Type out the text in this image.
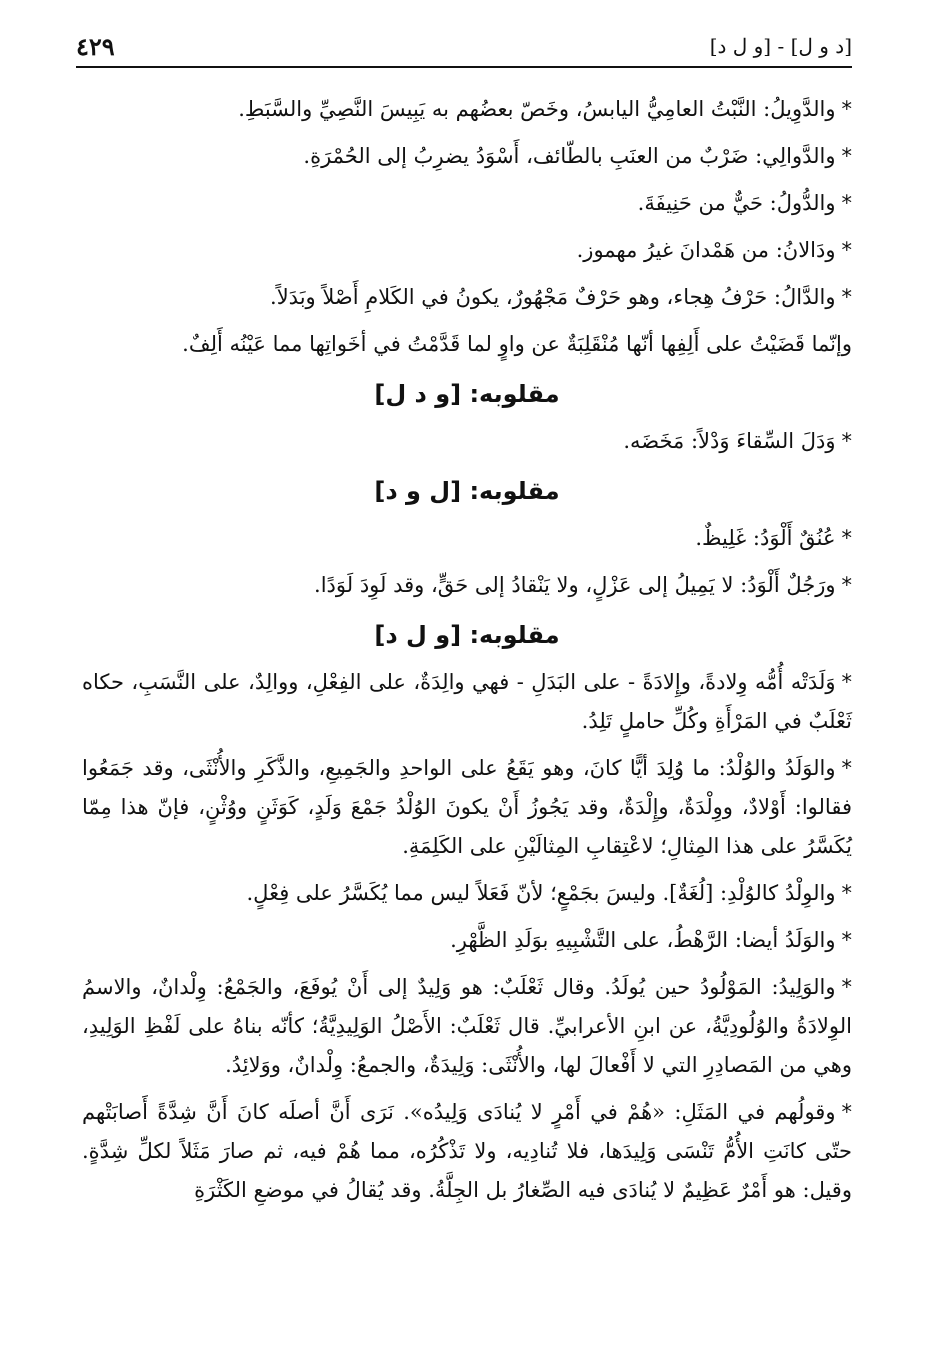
٤٢٩	[د و ل] - [و ل د]

*والدَّوِيلُ: النَّبْتُ العامِيُّ اليابسُ، وخَصّ بعضُهم به يَبِيسَ النَّصِيِّ والسَّبَطِ.

*والدَّوالِي: ضَرْبٌ من العنَبِ بالطّائف، أَسْوَدُ يضرِبُ إلى الحُمْرَةِ.

*والدُّولُ: حَيٌّ من حَنِيفَةَ.

*ودَالانُ: من هَمْدانَ غيرُ مهموز.

*والدَّالُ: حَرْفُ هِجاء، وهو حَرْفٌ مَجْهُورٌ، يكونُ في الكَلامِ أَصْلاً وبَدَلاً.

وإنّما قَضَيْتُ على أَلِفِها أنّها مُنْقَلِبَةٌ عن واوٍ لما قَدَّمْتُ في أخَواتِها مما عَيْنُه أَلِفٌ.

مقلوبه: [و د ل]

*وَدَلَ السِّقاءَ وَدْلاً: مَخَضَه.

مقلوبه: [ل و د]

*عُنُقٌ أَلْوَدُ: غَلِيظٌ.

*ورَجُلٌ أَلْوَدُ: لا يَمِيلُ إلى عَزْلٍ، ولا يَنْقادُ إلى حَقٍّ، وقد لَوِدَ لَوَدًا.

مقلوبه: [و ل د]

*وَلَدَتْه أُمُّه وِلادةً، وإِلادَةً - على البَدَلِ - فهي والِدَةٌ، على الفِعْلِ، ووالِدٌ، على النَّسَبِ، حكاه ثَعْلَبٌ في المَرْأَةِ وكُلِّ حاملٍ تَلِدُ.

*والوَلَدُ والوُلْدُ: ما وُلِدَ أيًّا كانَ، وهو يَقَعُ على الواحدِ والجَمِيعِ، والذَّكَرِ والأُنْثَى، وقد جَمَعُوا فقالوا: أَوْلادٌ، ووِلْدَةٌ، وإِلْدَةٌ، وقد يَجُوزُ أَنْ يكونَ الوُلْدُ جَمْعَ وَلَدٍ، كَوَثَنٍ ووُثْنٍ، فإنّ هذا مِمّا يُكَسَّرُ على هذا المِثالِ؛ لاعْتِقابِ المِثالَيْنِ على الكَلِمَةِ.

*والوِلْدُ كالوُلْدِ: [لُغَةٌ]. وليسَ بجَمْعٍ؛ لأنّ فَعَلاً ليس مما يُكَسَّرُ على فِعْلٍ.

*والوَلَدُ أيضا: الرَّهْطُ، على التَّشْبِيهِ بوَلَدِ الظَّهْرِ.

*والوَلِيدُ: المَوْلُودُ حين يُولَدُ. وقال ثَعْلَبٌ: هو وَلِيدٌ إلى أَنْ يُوفَعَ، والجَمْعُ: وِلْدانٌ، والاسمُ الوِلادَةُ والوُلُودِيَّةُ، عن ابنِ الأعرابيِّ. قال ثَعْلَبٌ: الأَصْلُ الوَلِيدِيَّةُ؛ كأنّه بناهُ على لَفْظِ الوَلِيدِ، وهي من المَصادِرِ التي لا أَفْعالَ لها، والأُنْثَى: وَلِيدَةٌ، والجمعُ: وِلْدانٌ، ووَلائِدُ.

*وقولُهم في المَثَلِ: «هُمْ في أَمْرٍ لا يُنادَى وَلِيدُه». نَرَى أَنَّ أصلَه كانَ أَنَّ شِدَّةً أَصابَتْهم حتّى كانَتِ الأُمُّ تَنْسَى وَلِيدَها، فلا تُنادِيه، ولا تَذْكُرُه، مما هُمْ فيه، ثم صارَ مَثَلاً لكلِّ شِدَّةٍ. وقيل: هو أَمْرٌ عَظِيمٌ لا يُنادَى فيه الصِّغارُ بل الجِلَّةُ. وقد يُقالُ في موضعِ الكَثْرَةِ
